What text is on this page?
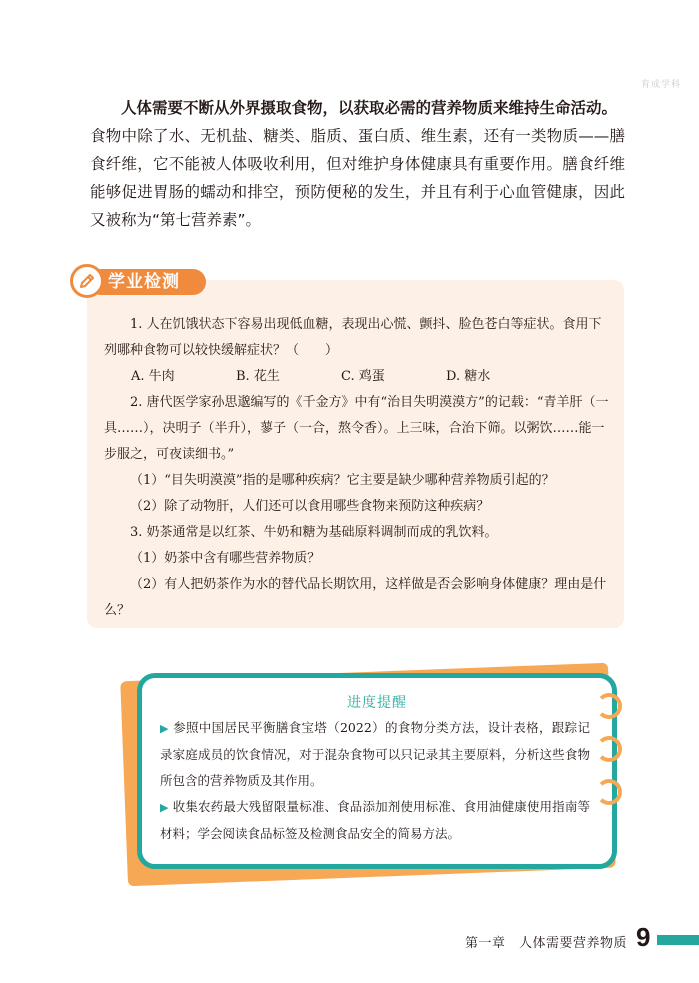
育成学科

人体需要不断从外界摄取食物，以获取必需的营养物质来维持生命活动。

食物中除了水、无机盐、糖类、脂质、蛋白质、维生素，还有一类物质——膳食纤维，它不能被人体吸收利用，但对维护身体健康具有重要作用。膳食纤维能够促进胃肠的蠕动和排空，预防便秘的发生，并且有利于心血管健康，因此又被称为“第七营养素”。

学业检测

1. 人在饥饿状态下容易出现低血糖，表现出心慌、颤抖、脸色苍白等症状。食用下列哪种食物可以较快缓解症状？（　　）

A. 牛肉	B. 花生	C. 鸡蛋	D. 糖水

2. 唐代医学家孙思邈编写的《千金方》中有“治目失明漠漠方”的记载：“青羊肝（一具……），决明子（半升），蓼子（一合，熬令香）。上三味，合治下筛。以粥饮……能一步服之，可夜读细书。”

（1）“目失明漠漠”指的是哪种疾病？它主要是缺少哪种营养物质引起的？

（2）除了动物肝，人们还可以食用哪些食物来预防这种疾病？

3. 奶茶通常是以红茶、牛奶和糖为基础原料调制而成的乳饮料。

（1）奶茶中含有哪些营养物质？

（2）有人把奶茶作为水的替代品长期饮用，这样做是否会影响身体健康？理由是什么？

进度提醒

▶ 参照中国居民平衡膳食宝塔（2022）的食物分类方法，设计表格，跟踪记录家庭成员的饮食情况，对于混杂食物可以只记录其主要原料，分析这些食物所包含的营养物质及其作用。

▶ 收集农药最大残留限量标准、食品添加剂使用标准、食用油健康使用指南等材料；学会阅读食品标签及检测食品安全的简易方法。

第一章　人体需要营养物质 9
